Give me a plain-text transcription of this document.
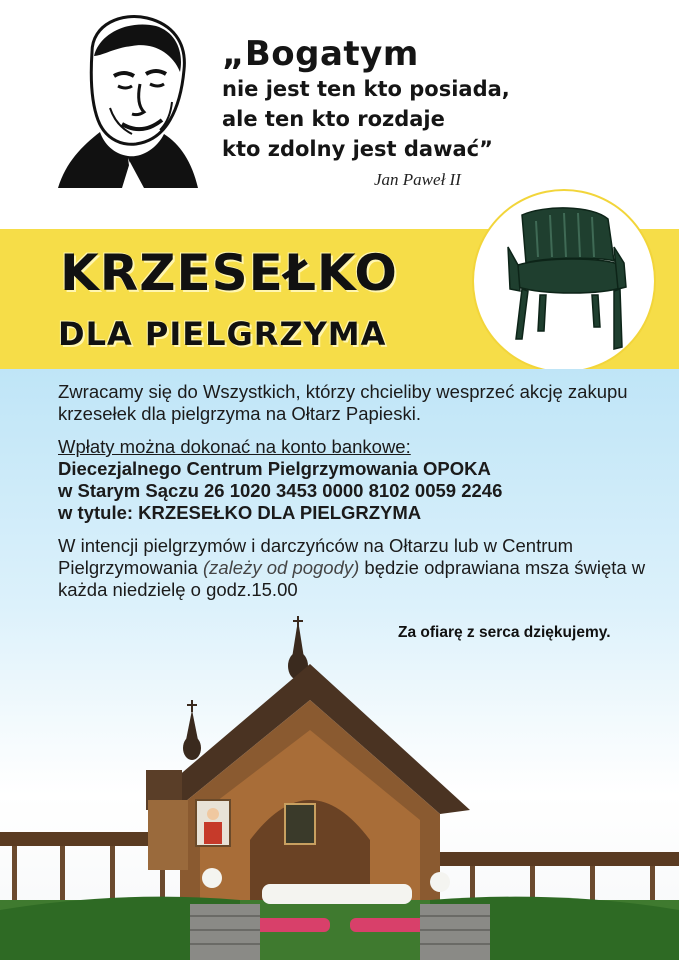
„Bogatym
nie jest ten kto posiada,
ale ten kto rozdaje
kto zdolny jest dawać”
Jan Paweł II
KRZESEŁKO
DLA PIELGRZYMA
Zwracamy się do Wszystkich, którzy chcieliby wesprzeć akcję zakupu krzesełek dla pielgrzyma na Ołtarz Papieski.
Wpłaty można dokonać na konto bankowe:
Diecezjalnego Centrum Pielgrzymowania OPOKA
w Starym Sączu 26 1020 3453 0000 8102 0059 2246
w tytule: KRZESEŁKO DLA PIELGRZYMA
W intencji pielgrzymów i darczyńców na Ołtarzu lub w Centrum Pielgrzymowania (zależy od pogody) będzie odprawiana msza święta w każda niedzielę o godz.15.00
Za ofiarę z serca dziękujemy.
